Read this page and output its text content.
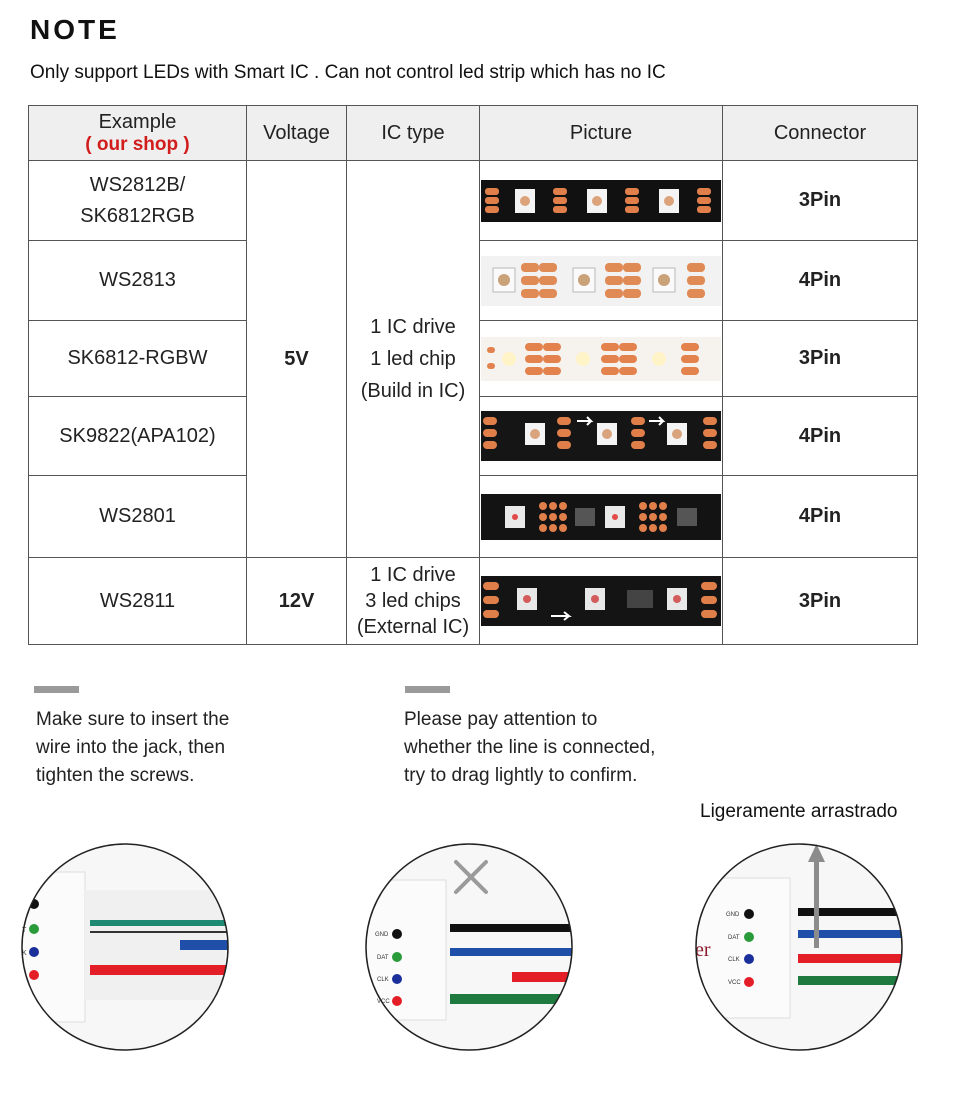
NOTE
Only support LEDs with Smart IC . Can not control led strip which has no IC
Example
( our shop )	Voltage	IC type	Picture	Connector

WS2812B/
SK6812RGB	5V	1 IC drive
1 led chip
(Build in IC)		3Pin
WS2813				4Pin
SK6812-RGBW				3Pin
SK9822(APA102)				4Pin
WS2801				4Pin
WS2811	12V	1 IC drive
3 led chips
(External IC)		3Pin
Make sure to insert the
wire into the jack, then
tighten the screws.
Please pay attention to
whether the line is connected,
try to drag lightly to confirm.
Ligeramente arrastrado
T
K
GND
DAT
CLK
VCC
GND
DAT
CLK
VCC
er
